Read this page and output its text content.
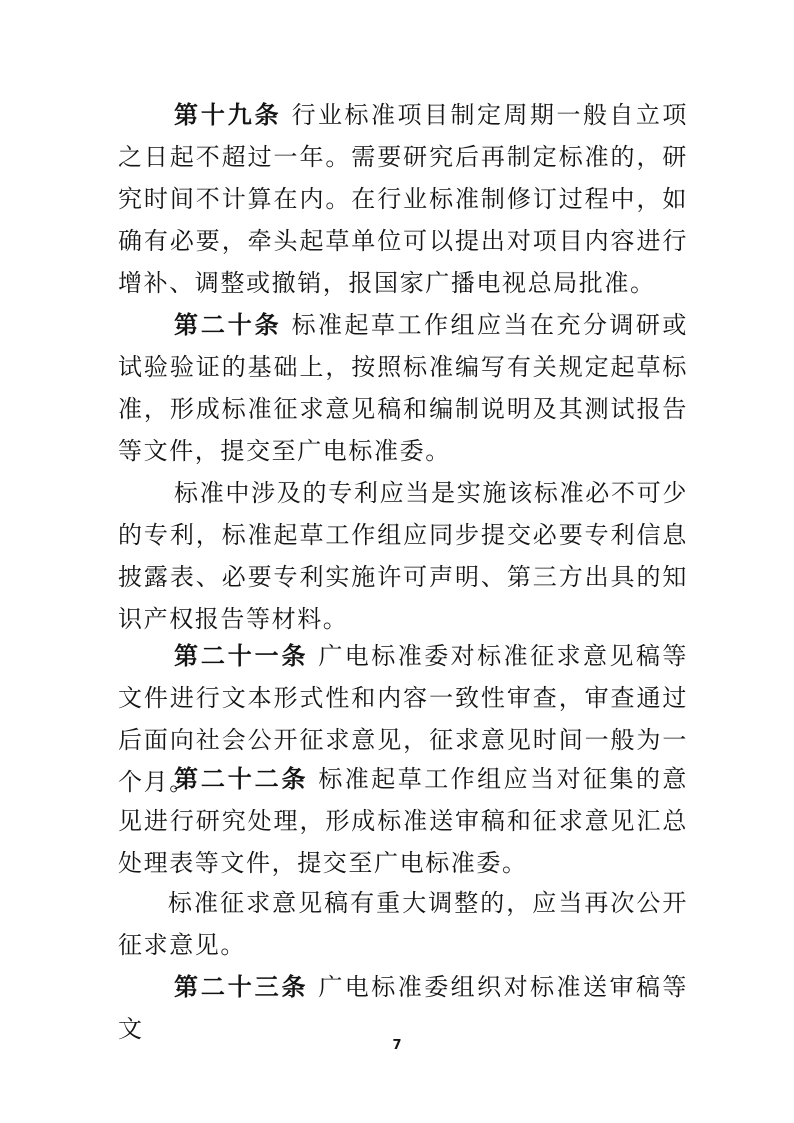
第十九条 行业标准项目制定周期一般自立项之日起不超过一年。需要研究后再制定标准的，研究时间不计算在内。在行业标准制修订过程中，如确有必要，牵头起草单位可以提出对项目内容进行增补、调整或撤销，报国家广播电视总局批准。

第二十条 标准起草工作组应当在充分调研或试验验证的基础上，按照标准编写有关规定起草标准，形成标准征求意见稿和编制说明及其测试报告等文件，提交至广电标准委。

标准中涉及的专利应当是实施该标准必不可少的专利，标准起草工作组应同步提交必要专利信息披露表、必要专利实施许可声明、第三方出具的知识产权报告等材料。

第二十一条 广电标准委对标准征求意见稿等文件进行文本形式性和内容一致性审查，审查通过后面向社会公开征求意见，征求意见时间一般为一个月。

第二十二条 标准起草工作组应当对征集的意见进行研究处理，形成标准送审稿和征求意见汇总处理表等文件，提交至广电标准委。

标准征求意见稿有重大调整的，应当再次公开征求意见。

第二十三条 广电标准委组织对标准送审稿等文

7
